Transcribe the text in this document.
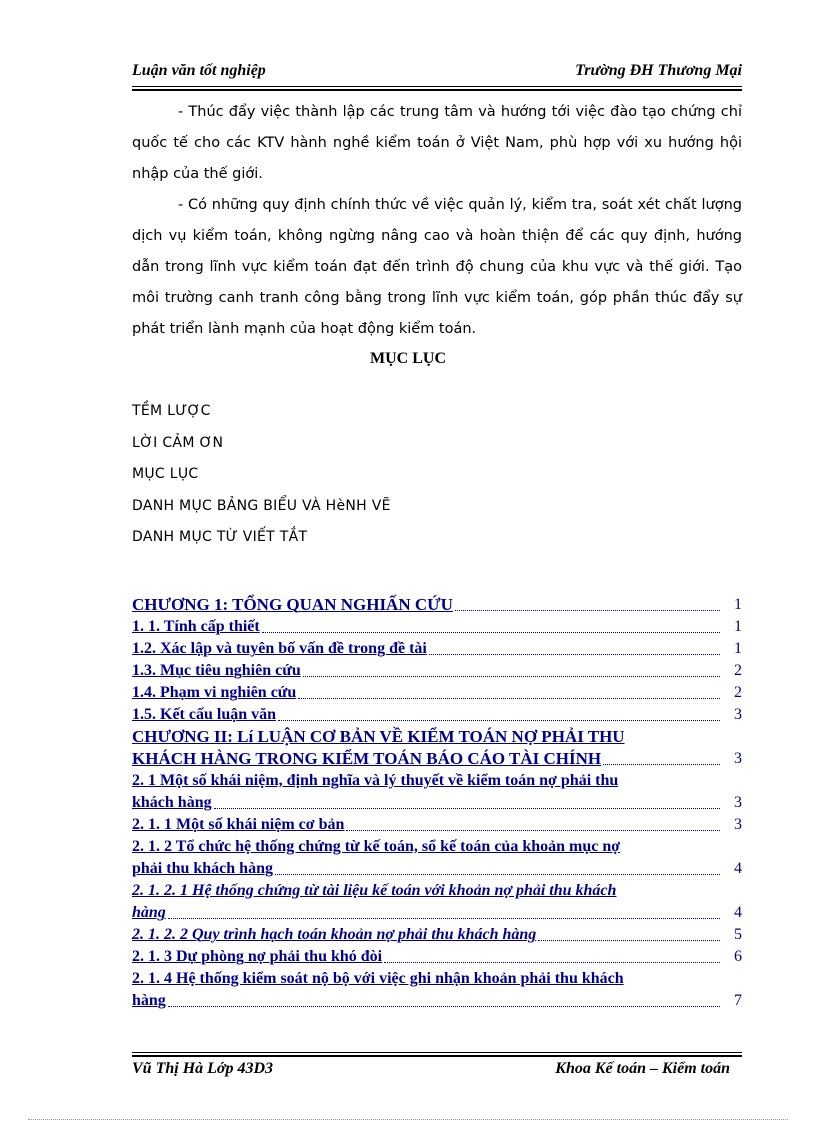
Luận văn tốt nghiệp	Trường ĐH Thương Mại

- Thúc đẩy việc thành lập các trung tâm và hướng tới việc đào tạo chứng chỉ quốc tế cho các KTV hành nghề kiểm toán ở Việt Nam, phù hợp với xu hướng hội nhập của thế giới.

- Có những quy định chính thức về việc quản lý, kiểm tra, soát xét chất lượng dịch vụ kiểm toán, không ngừng nâng cao và hoàn thiện để các quy định, hướng dẫn trong lĩnh vực kiểm toán đạt đến trình độ chung của khu vực và thế giới. Tạo môi trường canh tranh công bằng trong lĩnh vực kiểm toán, góp phần thúc đẩy sự phát triển lành mạnh của hoạt động kiểm toán.

MỤC LỤC
TỀM LƯỢC
LỜI CẢM ƠN
MỤC LỤC
DANH MỤC BẢNG BIỂU VÀ HèNH VẼ
DANH MỤC TỪ VIẾT TẮT
CHƯƠNG 1: TỔNG QUAN NGHIẤN CỨU	1
1. 1. Tính cấp thiết	1
1.2. Xác lập và tuyên bố vấn đề trong đề tài	1
1.3. Mục tiêu nghiên cứu	2
1.4. Phạm vi nghiên cứu	2
1.5. Kết cấu luận văn	3
CHƯƠNG II: Lí LUẬN CƠ BẢN VỀ KIỂM TOÁN NỢ PHẢI THU
KHÁCH HÀNG TRONG KIỂM TOÁN BÁO CÁO TÀI CHÍNH	3
2. 1 Một số khái niệm, định nghĩa và lý thuyết về kiểm toán nợ phải thu
khách hàng	3
2. 1. 1 Một số khái niệm cơ bản	3
2. 1. 2 Tổ chức hệ thống chứng từ kế toán, sổ kế toán của khoản mục nợ
phải thu khách hàng	4
2. 1. 2. 1 Hệ thống chứng từ tài liệu kế toán với khoản nợ phải thu khách
hàng	4
2. 1. 2. 2 Quy trình hạch toán khoản nợ phải thu khách hàng	5
2. 1. 3 Dự phòng nợ phải thu khó đòi	6
2. 1. 4 Hệ thống kiểm soát nộ bộ với việc ghi nhận khoản phải thu khách
hàng	7
Vũ Thị Hà Lớp 43D3	Khoa Kế toán – Kiểm toán
